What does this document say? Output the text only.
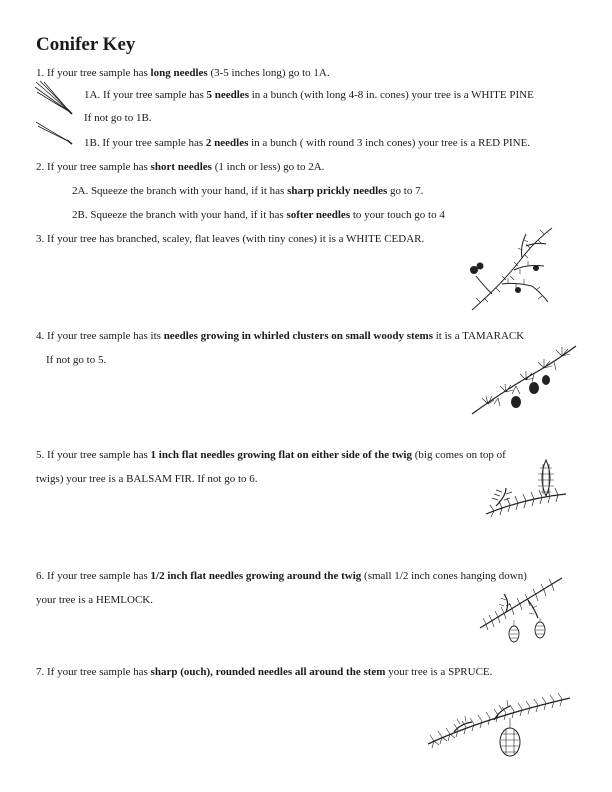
Conifer Key
1. If your tree sample has long needles (3-5 inches long) go to 1A.
1A. If your tree sample has 5 needles in a bunch (with long 4-8 in. cones) your tree is a WHITE PINE
If not go to 1B.
1B. If your tree sample has 2 needles in a bunch ( with round 3 inch cones) your tree is a RED PINE.
2. If your tree sample has short needles (1 inch or less) go to 2A.
2A. Squeeze the branch with your hand, if it has sharp prickly needles go to 7.
2B. Squeeze the branch with your hand, if it has softer needles to your touch go to 4
3. If your tree has branched, scaley, flat leaves (with tiny cones) it is a WHITE CEDAR.
4. If your tree sample has its needles growing in whirled clusters on small woody stems it is a TAMARACK
If not go to 5.
5. If your tree sample has 1 inch flat needles growing flat on either side of the twig (big comes on top of
twigs) your tree is a BALSAM FIR. If not go to 6.
6. If your tree sample has 1/2 inch flat needles growing around the twig (small 1/2 inch cones hanging down)
your tree is a HEMLOCK.
7. If your tree sample has sharp (ouch), rounded needles all around the stem your tree is a SPRUCE.
